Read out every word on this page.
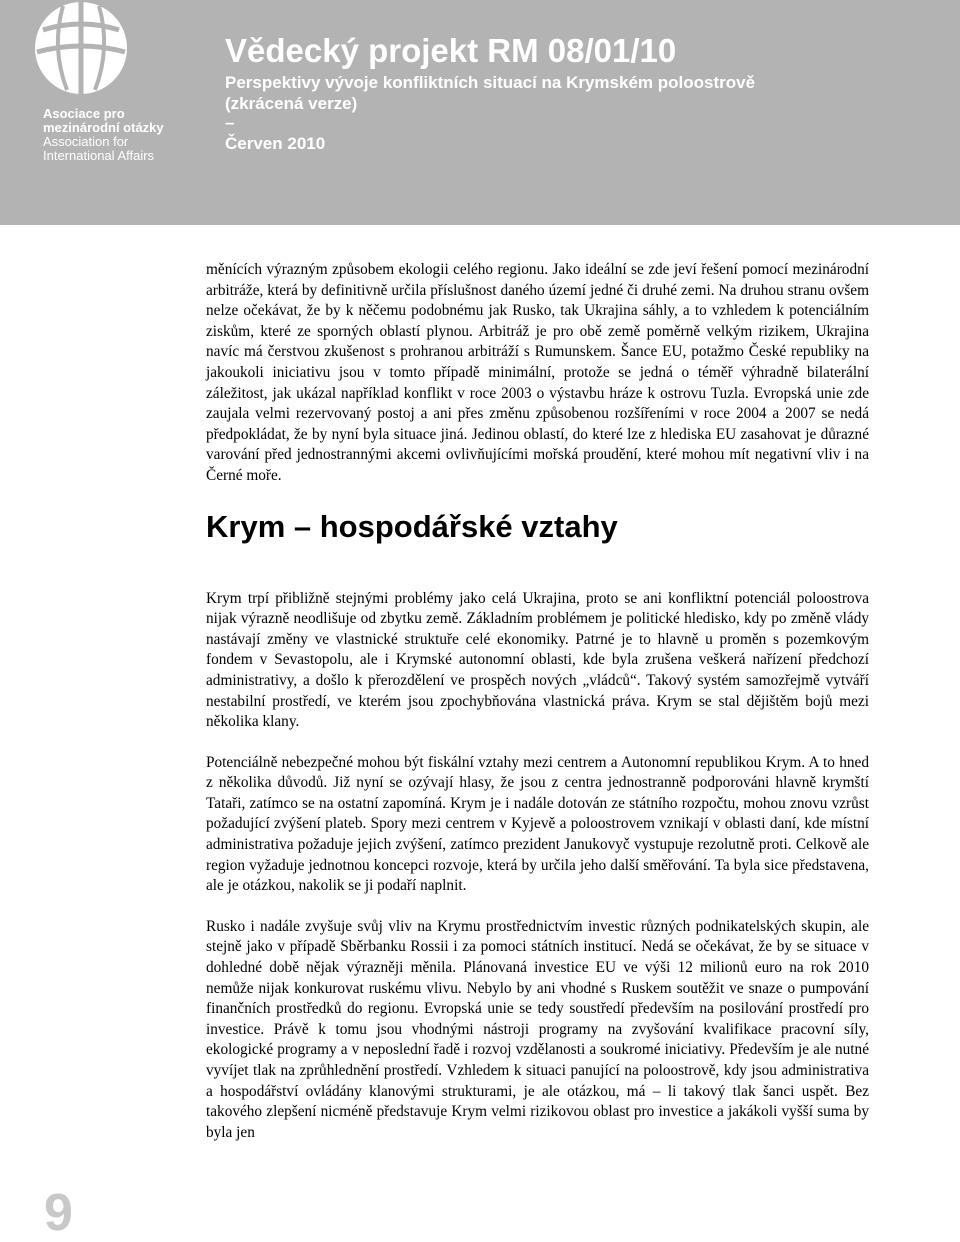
Asociace pro mezinárodní otázky
Association for International Affairs

Vědecký projekt RM 08/01/10

Perspektivy vývoje konfliktních situací na Krymském poloostrově

(zkrácená verze)

–

Červen 2010

měnících výrazným způsobem ekologii celého regionu. Jako ideální se zde jeví řešení pomocí mezinárodní arbitráže, která by definitivně určila příslušnost daného území jedné či druhé zemi. Na druhou stranu ovšem nelze očekávat, že by k něčemu podobnému jak Rusko, tak Ukrajina sáhly, a to vzhledem k potenciálním ziskům, které ze sporných oblastí plynou. Arbitráž je pro obě země poměrně velkým rizikem, Ukrajina navíc má čerstvou zkušenost s prohranou arbitráží s Rumunskem. Šance EU, potažmo České republiky na jakoukoli iniciativu jsou v tomto případě minimální, protože se jedná o téměř výhradně bilaterální záležitost, jak ukázal například konflikt v roce 2003 o výstavbu hráze k ostrovu Tuzla. Evropská unie zde zaujala velmi rezervovaný postoj a ani přes změnu způsobenou rozšířeními v roce 2004 a 2007 se nedá předpokládat, že by nyní byla situace jiná. Jedinou oblastí, do které lze z hlediska EU zasahovat je důrazné varování před jednostrannými akcemi ovlivňujícími mořská proudění, které mohou mít negativní vliv i na Černé moře.

Krym – hospodářské vztahy

Krym trpí přibližně stejnými problémy jako celá Ukrajina, proto se ani konfliktní potenciál poloostrova nijak výrazně neodlišuje od zbytku země. Základním problémem je politické hledisko, kdy po změně vlády nastávají změny ve vlastnické struktuře celé ekonomiky. Patrné je to hlavně u proměn s pozemkovým fondem v Sevastopolu, ale i Krymské autonomní oblasti, kde byla zrušena veškerá nařízení předchozí administrativy, a došlo k přerozdělení ve prospěch nových „vládců“. Takový systém samozřejmě vytváří nestabilní prostředí, ve kterém jsou zpochybňována vlastnická práva. Krym se stal dějištěm bojů mezi několika klany.

Potenciálně nebezpečné mohou být fiskální vztahy mezi centrem a Autonomní republikou Krym. A to hned z několika důvodů. Již nyní se ozývají hlasy, že jsou z centra jednostranně podporováni hlavně krymští Tataři, zatímco se na ostatní zapomíná. Krym je i nadále dotován ze státního rozpočtu, mohou znovu vzrůst požadující zvýšení plateb. Spory mezi centrem v Kyjevě a poloostrovem vznikají v oblasti daní, kde místní administrativa požaduje jejich zvýšení, zatímco prezident Janukovyč vystupuje rezolutně proti. Celkově ale region vyžaduje jednotnou koncepci rozvoje, která by určila jeho další směřování. Ta byla sice představena, ale je otázkou, nakolik se ji podaří naplnit.

Rusko i nadále zvyšuje svůj vliv na Krymu prostřednictvím investic různých podnikatelských skupin, ale stejně jako v případě Sběrbanku Rossii i za pomoci státních institucí. Nedá se očekávat, že by se situace v dohledné době nějak výrazněji měnila. Plánovaná investice EU ve výši 12 milionů euro na rok 2010 nemůže nijak konkurovat ruskému vlivu. Nebylo by ani vhodné s Ruskem soutěžit ve snaze o pumpování finančních prostředků do regionu. Evropská unie se tedy soustředí především na posilování prostředí pro investice. Právě k tomu jsou vhodnými nástroji programy na zvyšování kvalifikace pracovní síly, ekologické programy a v neposlední řadě i rozvoj vzdělanosti a soukromé iniciativy. Především je ale nutné vyvíjet tlak na zprůhlednění prostředí. Vzhledem k situaci panující na poloostrově, kdy jsou administrativa a hospodářství ovládány klanovými strukturami, je ale otázkou, má – li takový tlak šanci uspět. Bez takového zlepšení nicméně představuje Krym velmi rizikovou oblast pro investice a jakákoli vyšší suma by byla jen

9
